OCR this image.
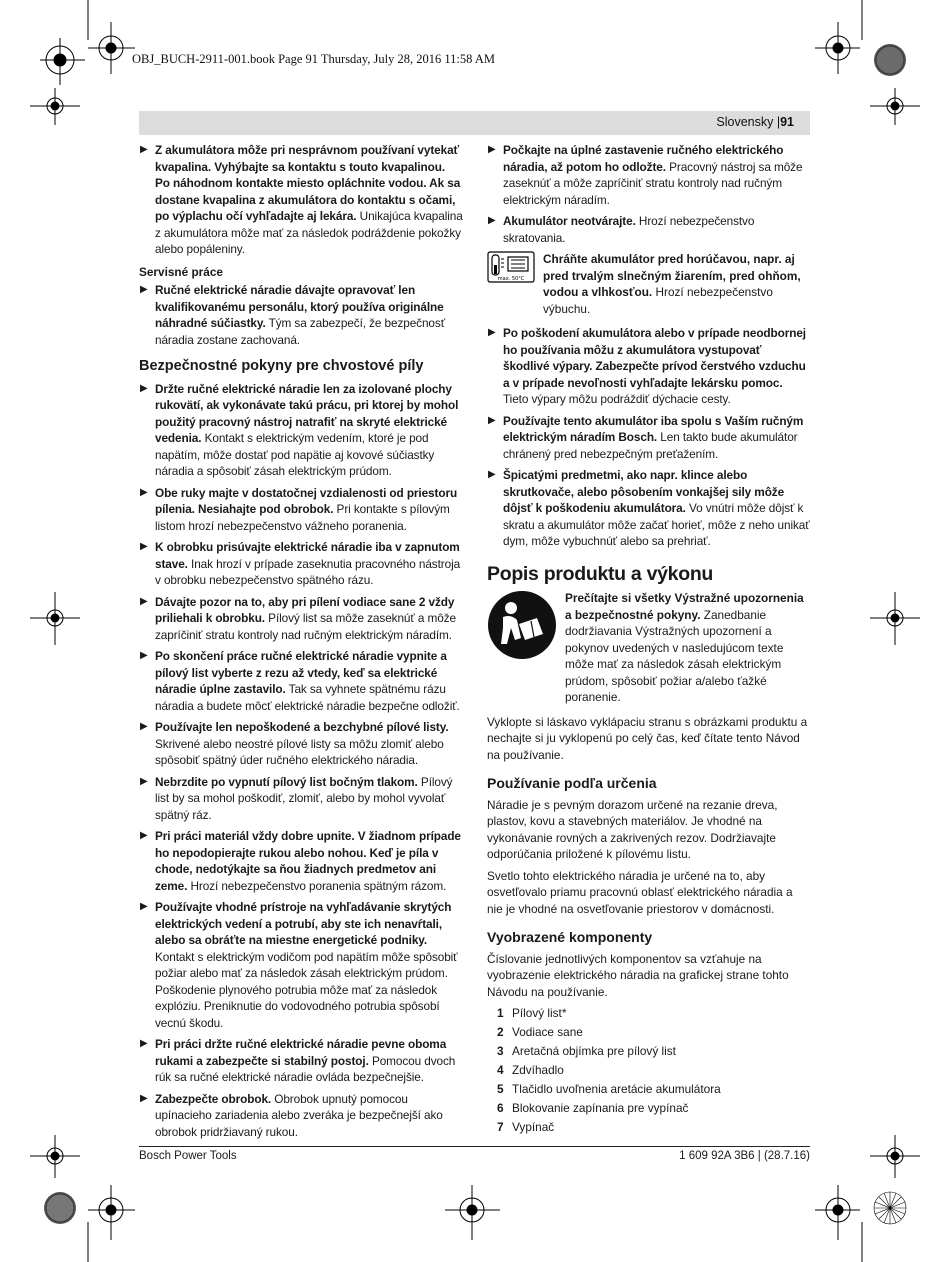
OBJ_BUCH-2911-001.book Page 91 Thursday, July 28, 2016 11:58 AM
Slovensky |91
▶ Z akumulátora môže pri nesprávnom používaní vytekať kvapalina. Vyhýbajte sa kontaktu s touto kvapalinou. Po náhodnom kontakte miesto opláchnite vodou. Ak sa dostane kvapalina z akumulátora do kontaktu s očami, po výplachu očí vyhľadajte aj lekára. Unikajúca kvapalina z akumulátora môže mať za následok podráždenie pokožky alebo popáleniny.
Servisné práce
▶ Ručné elektrické náradie dávajte opravovať len kvalifikovanému personálu, ktorý používa originálne náhradné súčiastky. Tým sa zabezpečí, že bezpečnosť náradia zostane zachovaná.
Bezpečnostné pokyny pre chvostové píly
▶ Držte ručné elektrické náradie len za izolované plochy rukovätí, ak vykonávate takú prácu, pri ktorej by mohol použitý pracovný nástroj natrafiť na skryté elektrické vedenia. Kontakt s elektrickým vedením, ktoré je pod napätím, môže dostať pod napätie aj kovové súčiastky náradia a spôsobiť zásah elektrickým prúdom.
▶ Obe ruky majte v dostatočnej vzdialenosti od priestoru pílenia. Nesiahajte pod obrobok. Pri kontakte s pílovým listom hrozí nebezpečenstvo vážneho poranenia.
▶ K obrobku prisúvajte elektrické náradie iba v zapnutom stave. Inak hrozí v prípade zaseknutia pracovného nástroja v obrobku nebezpečenstvo spätného rázu.
▶ Dávajte pozor na to, aby pri pílení vodiace sane 2 vždy priliehali k obrobku. Pílový list sa môže zaseknúť a môže zapríčiniť stratu kontroly nad ručným elektrickým náradím.
▶ Po skončení práce ručné elektrické náradie vypnite a pílový list vyberte z rezu až vtedy, keď sa elektrické náradie úplne zastavilo. Tak sa vyhnete spätnému rázu náradia a budete môcť elektrické náradie bezpečne odložiť.
▶ Používajte len nepoškodené a bezchybné pílové listy. Skrivené alebo neostré pílové listy sa môžu zlomiť alebo spôsobiť spätný úder ručného elektrického náradia.
▶ Nebrzdite po vypnutí pílový list bočným tlakom. Pílový list by sa mohol poškodiť, zlomiť, alebo by mohol vyvolať spätný ráz.
▶ Pri práci materiál vždy dobre upnite. V žiadnom prípade ho nepodopierajte rukou alebo nohou. Keď je píla v chode, nedotýkajte sa ňou žiadnych predmetov ani zeme. Hrozí nebezpečenstvo poranenia spätným rázom.
▶ Používajte vhodné prístroje na vyhľadávanie skrytých elektrických vedení a potrubí, aby ste ich nenavŕtali, alebo sa obráťte na miestne energetické podniky. Kontakt s elektrickým vodičom pod napätím môže spôsobiť požiar alebo mať za následok zásah elektrickým prúdom. Poškodenie plynového potrubia môže mať za následok explóziu. Preniknutie do vodovodného potrubia spôsobí vecnú škodu.
▶ Pri práci držte ručné elektrické náradie pevne oboma rukami a zabezpečte si stabilný postoj. Pomocou dvoch rúk sa ručné elektrické náradie ovláda bezpečnejšie.
▶ Zabezpečte obrobok. Obrobok upnutý pomocou upínacieho zariadenia alebo zveráka je bezpečnejší ako obrobok pridržiavaný rukou.
▶ Počkajte na úplné zastavenie ručného elektrického náradia, až potom ho odložte. Pracovný nástroj sa môže zaseknúť a môže zapríčiniť stratu kontroly nad ručným elektrickým náradím.
▶ Akumulátor neotvárajte. Hrozí nebezpečenstvo skratovania.
max. 50°C
Chráňte akumulátor pred horúčavou, napr. aj pred trvalým slnečným žiarením, pred ohňom, vodou a vlhkosťou. Hrozí nebezpečenstvo výbuchu.
▶ Po poškodení akumulátora alebo v prípade neodbornej ho používania môžu z akumulátora vystupovať škodlivé výpary. Zabezpečte prívod čerstvého vzduchu a v prípade nevoľnosti vyhľadajte lekársku pomoc. Tieto výpary môžu podráždiť dýchacie cesty.
▶ Používajte tento akumulátor iba spolu s Vaším ručným elektrickým náradím Bosch. Len takto bude akumulátor chránený pred nebezpečným preťažením.
▶ Špicatými predmetmi, ako napr. klince alebo skrutkovače, alebo pôsobením vonkajšej sily môže dôjsť k poškodeniu akumulátora. Vo vnútri môže dôjsť k skratu a akumulátor môže začať horieť, môže z neho unikať dym, môže vybuchnúť alebo sa prehriať.
Popis produktu a výkonu
Prečítajte si všetky Výstražné upozornenia a bezpečnostné pokyny. Zanedbanie dodržiavania Výstražných upozornení a pokynov uvedených v nasledujúcom texte môže mať za následok zásah elektrickým prúdom, spôsobiť požiar a/alebo ťažké poranenie.
Vyklopte si láskavo vyklápaciu stranu s obrázkami produktu a nechajte si ju vyklopenú po celý čas, keď čítate tento Návod na používanie.
Používanie podľa určenia
Náradie je s pevným dorazom určené na rezanie dreva, plastov, kovu a stavebných materiálov. Je vhodné na vykonávanie rovných a zakrivených rezov. Dodržiavajte odporúčania priložené k pílovému listu.
Svetlo tohto elektrického náradia je určené na to, aby osvetľovalo priamu pracovnú oblasť elektrického náradia a nie je vhodné na osvetľovanie priestorov v domácnosti.
Vyobrazené komponenty
Číslovanie jednotlivých komponentov sa vzťahuje na vyobrazenie elektrického náradia na grafickej strane tohto Návodu na používanie.
1 Pílový list*
2 Vodiace sane
3 Aretačná objímka pre pílový list
4 Zdvíhadlo
5 Tlačidlo uvoľnenia aretácie akumulátora
6 Blokovanie zapínania pre vypínač
7 Vypínač
Bosch Power Tools	1 609 92A 3B6 | (28.7.16)
